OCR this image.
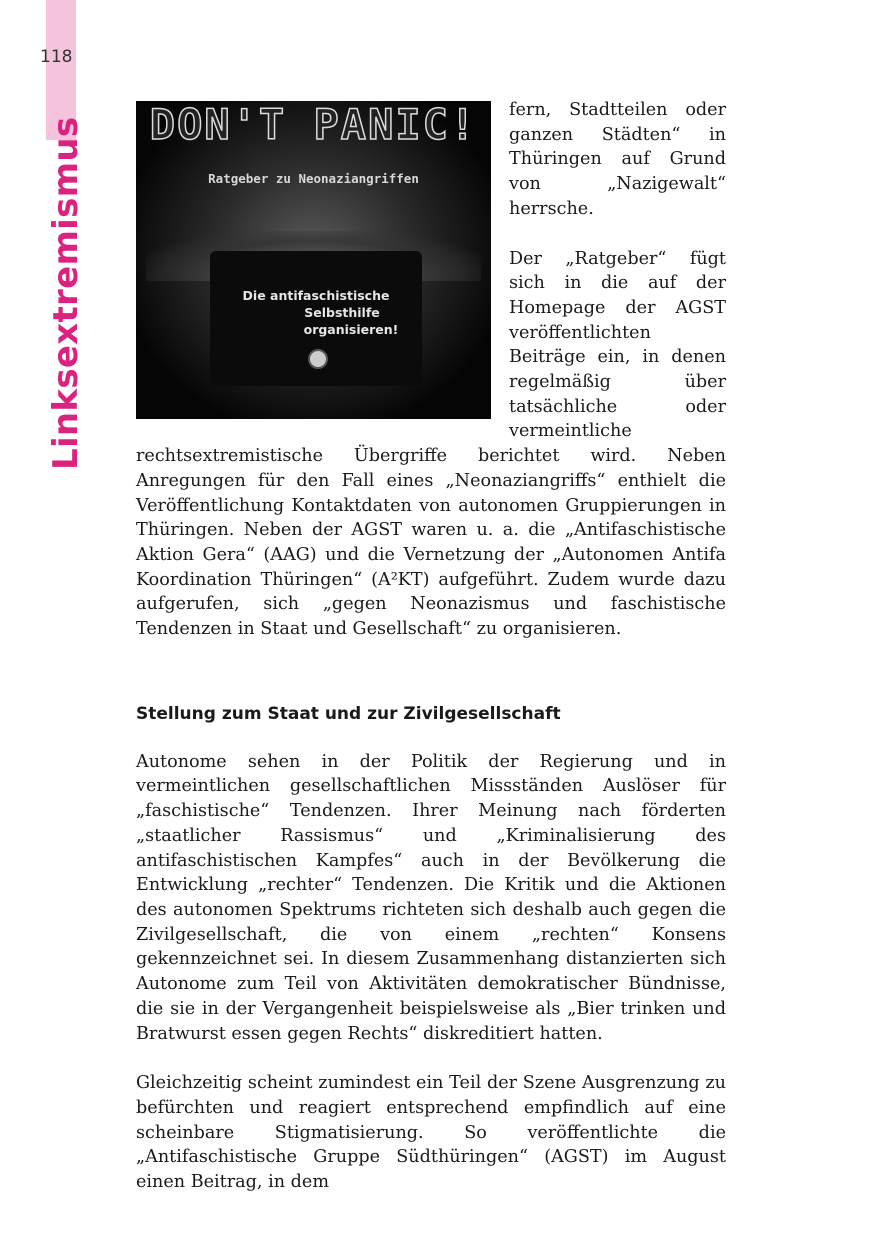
118
Linksextremismus	DON'T PANIC!
Ratgeber zu Neonaziangriffen
Die antifaschistische
Selbsthilfe
organisieren!

fern, Stadtteilen oder ganzen Städten“ in Thüringen auf Grund von „Nazigewalt“ herrsche.

Der „Ratgeber“ fügt sich in die auf der Homepage der AGST veröffentlichten Beiträge ein, in denen regelmäßig über tatsächliche oder vermeintliche rechtsextremistische Übergriffe berichtet wird. Neben Anregungen für den Fall eines „Neonaziangriffs“ enthielt die Veröffentlichung Kontaktdaten von autonomen Gruppierungen in Thüringen. Neben der AGST waren u. a. die „Antifaschistische Aktion Gera“ (AAG) und die Vernetzung der „Autonomen Antifa Koordination Thüringen“ (A²KT) aufgeführt. Zudem wurde dazu aufgerufen, sich „gegen Neonazismus und faschistische Tendenzen in Staat und Gesellschaft“ zu organisieren.

Stellung zum Staat und zur Zivilgesellschaft

Autonome sehen in der Politik der Regierung und in vermeintlichen gesellschaftlichen Missständen Auslöser für „faschistische“ Tendenzen. Ihrer Meinung nach förderten „staatlicher Rassismus“ und „Kriminalisierung des antifaschistischen Kampfes“ auch in der Bevölkerung die Entwicklung „rechter“ Tendenzen. Die Kritik und die Aktionen des autonomen Spektrums richteten sich deshalb auch gegen die Zivilgesellschaft, die von einem „rechten“ Konsens gekennzeichnet sei. In diesem Zusammenhang distanzierten sich Autonome zum Teil von Aktivitäten demokratischer Bündnisse, die sie in der Vergangenheit beispielsweise als „Bier trinken und Bratwurst essen gegen Rechts“ diskreditiert hatten.

Gleichzeitig scheint zumindest ein Teil der Szene Ausgrenzung zu befürchten und reagiert entsprechend empfindlich auf eine scheinbare Stigmatisierung. So veröffentlichte die „Antifaschistische Gruppe Südthüringen“ (AGST) im August einen Beitrag, in dem
